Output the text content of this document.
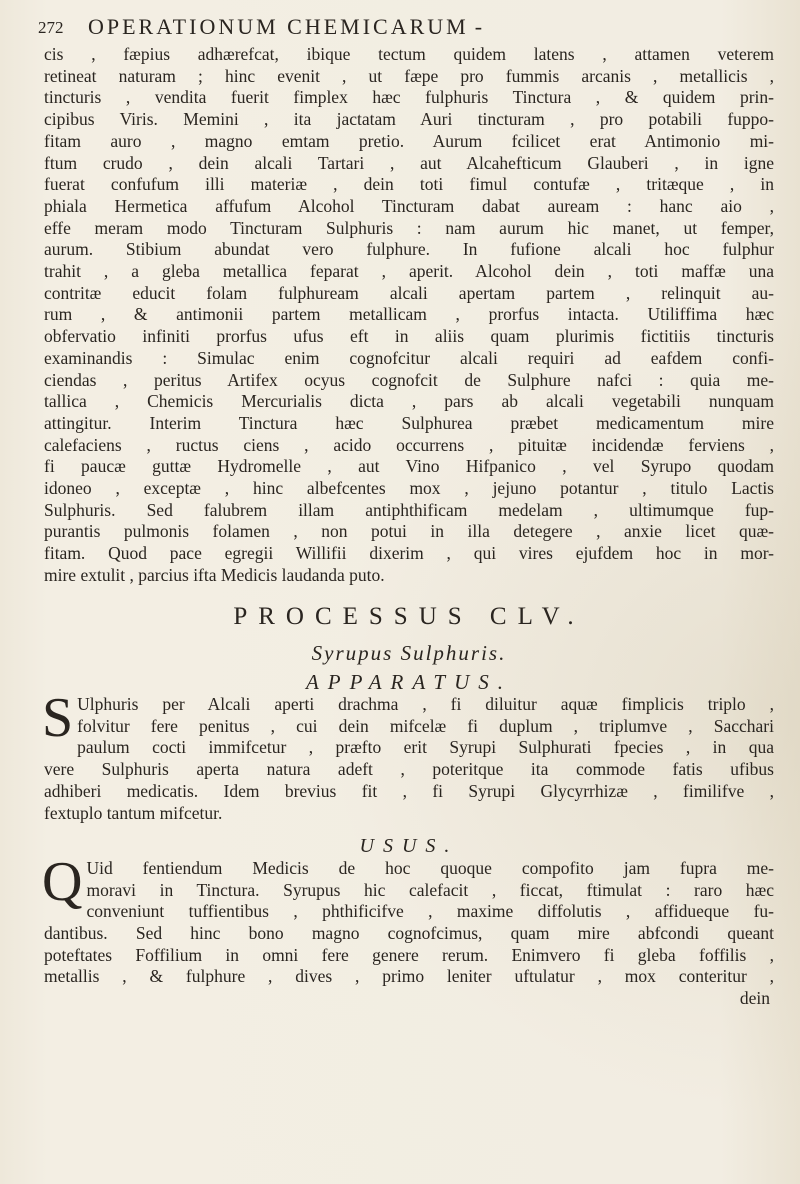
272 OPERATIONUM CHEMICARUM -

cis , fæpius adhærefcat, ibique tectum quidem latens , attamen veterem
retineat naturam ; hinc evenit , ut fæpe pro fummis arcanis , metallicis ,
tincturis , vendita fuerit fimplex hæc fulphuris Tinctura , & quidem prin-
cipibus Viris. Memini , ita jactatam Auri tincturam , pro potabili fuppo-
fitam auro , magno emtam pretio. Aurum fcilicet erat Antimonio mi-
ftum crudo , dein alcali Tartari , aut Alcahefticum Glauberi , in igne
fuerat confufum illi materiæ , dein toti fimul contufæ , tritæque , in
phiala Hermetica affufum Alcohol Tincturam dabat auream : hanc aio ,
effe meram modo Tincturam Sulphuris : nam aurum hic manet, ut femper,
aurum. Stibium abundat vero fulphure. In fufione alcali hoc fulphur
trahit , a gleba metallica feparat , aperit. Alcohol dein , toti maffæ una
contritæ educit folam fulphuream alcali apertam partem , relinquit au-
rum , & antimonii partem metallicam , prorfus intacta. Utiliffima hæc
obfervatio infiniti prorfus ufus eft in aliis quam plurimis fictitiis tincturis
examinandis : Simulac enim cognofcitur alcali requiri ad eafdem confi-
ciendas , peritus Artifex ocyus cognofcit de Sulphure nafci : quia me-
tallica , Chemicis Mercurialis dicta , pars ab alcali vegetabili nunquam
attingitur. Interim Tinctura hæc Sulphurea præbet medicamentum mire
calefaciens , ructus ciens , acido occurrens , pituitæ incidendæ ferviens ,
fi paucæ guttæ Hydromelle , aut Vino Hifpanico , vel Syrupo quodam
idoneo , exceptæ , hinc albefcentes mox , jejuno potantur , titulo Lactis
Sulphuris. Sed falubrem illam antiphthificam medelam , ultimumque fup-
purantis pulmonis folamen , non potui in illa detegere , anxie licet quæ-
fitam. Quod pace egregii Willifii dixerim , qui vires ejufdem hoc in mor-
mire extulit , parcius ifta Medicis laudanda puto.

PROCESSUS CLV.
Syrupus Sulphuris.
APPARATUS.

S Ulphuris per Alcali aperti drachma , fi diluitur aquæ fimplicis triplo ,
folvitur fere penitus , cui dein mifcelæ fi duplum , triplumve , Sacchari
paulum cocti immifcetur , præfto erit Syrupi Sulphurati fpecies , in qua
vere Sulphuris aperta natura adeft , poteritque ita commode fatis ufibus
adhiberi medicatis. Idem brevius fit , fi Syrupi Glycyrrhizæ , fimilifve ,
fextuplo tantum mifcetur.

USUS.

Q Uid fentiendum Medicis de hoc quoque compofito jam fupra me-
moravi in Tinctura. Syrupus hic calefacit , ficcat, ftimulat : raro hæc
conveniunt tuffientibus , phthificifve , maxime diffolutis , affidueque fu-
dantibus. Sed hinc bono magno cognofcimus, quam mire abfcondi queant
poteftates Foffilium in omni fere genere rerum. Enimvero fi gleba foffilis ,
metallis , & fulphure , dives , primo leniter uftulatur , mox conteritur ,
dein
